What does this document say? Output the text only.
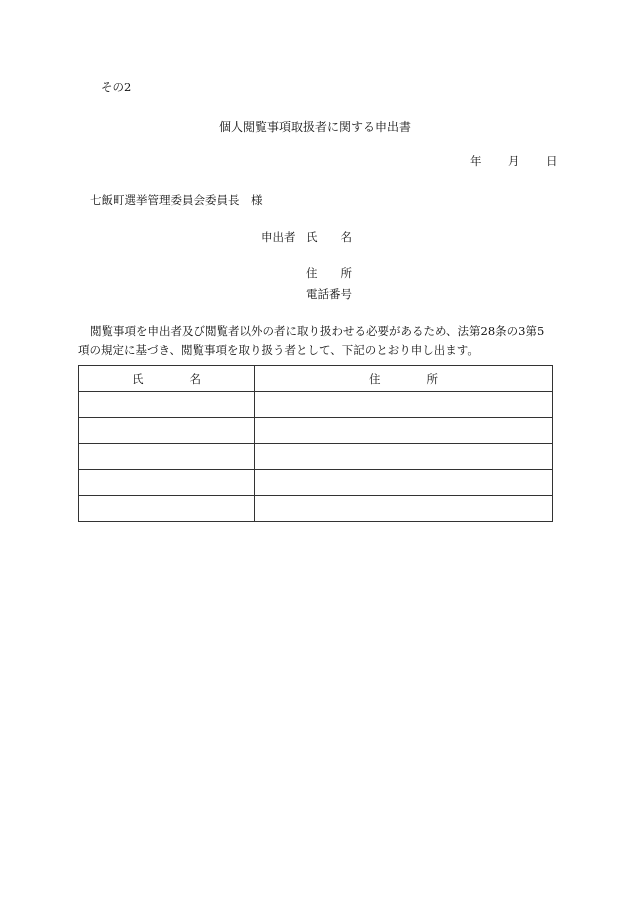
その2
個人閲覧事項取扱者に関する申出書
年	月	日
七飯町選挙管理委員会委員長　様
申出者 氏　　名
住　　所
電話番号
閲覧事項を申出者及び閲覧者以外の者に取り扱わせる必要があるため、法第28条の3第5
項の規定に基づき、閲覧事項を取り扱う者として、下記のとおり申し出ます。
氏　　　　名	住　　　　所
